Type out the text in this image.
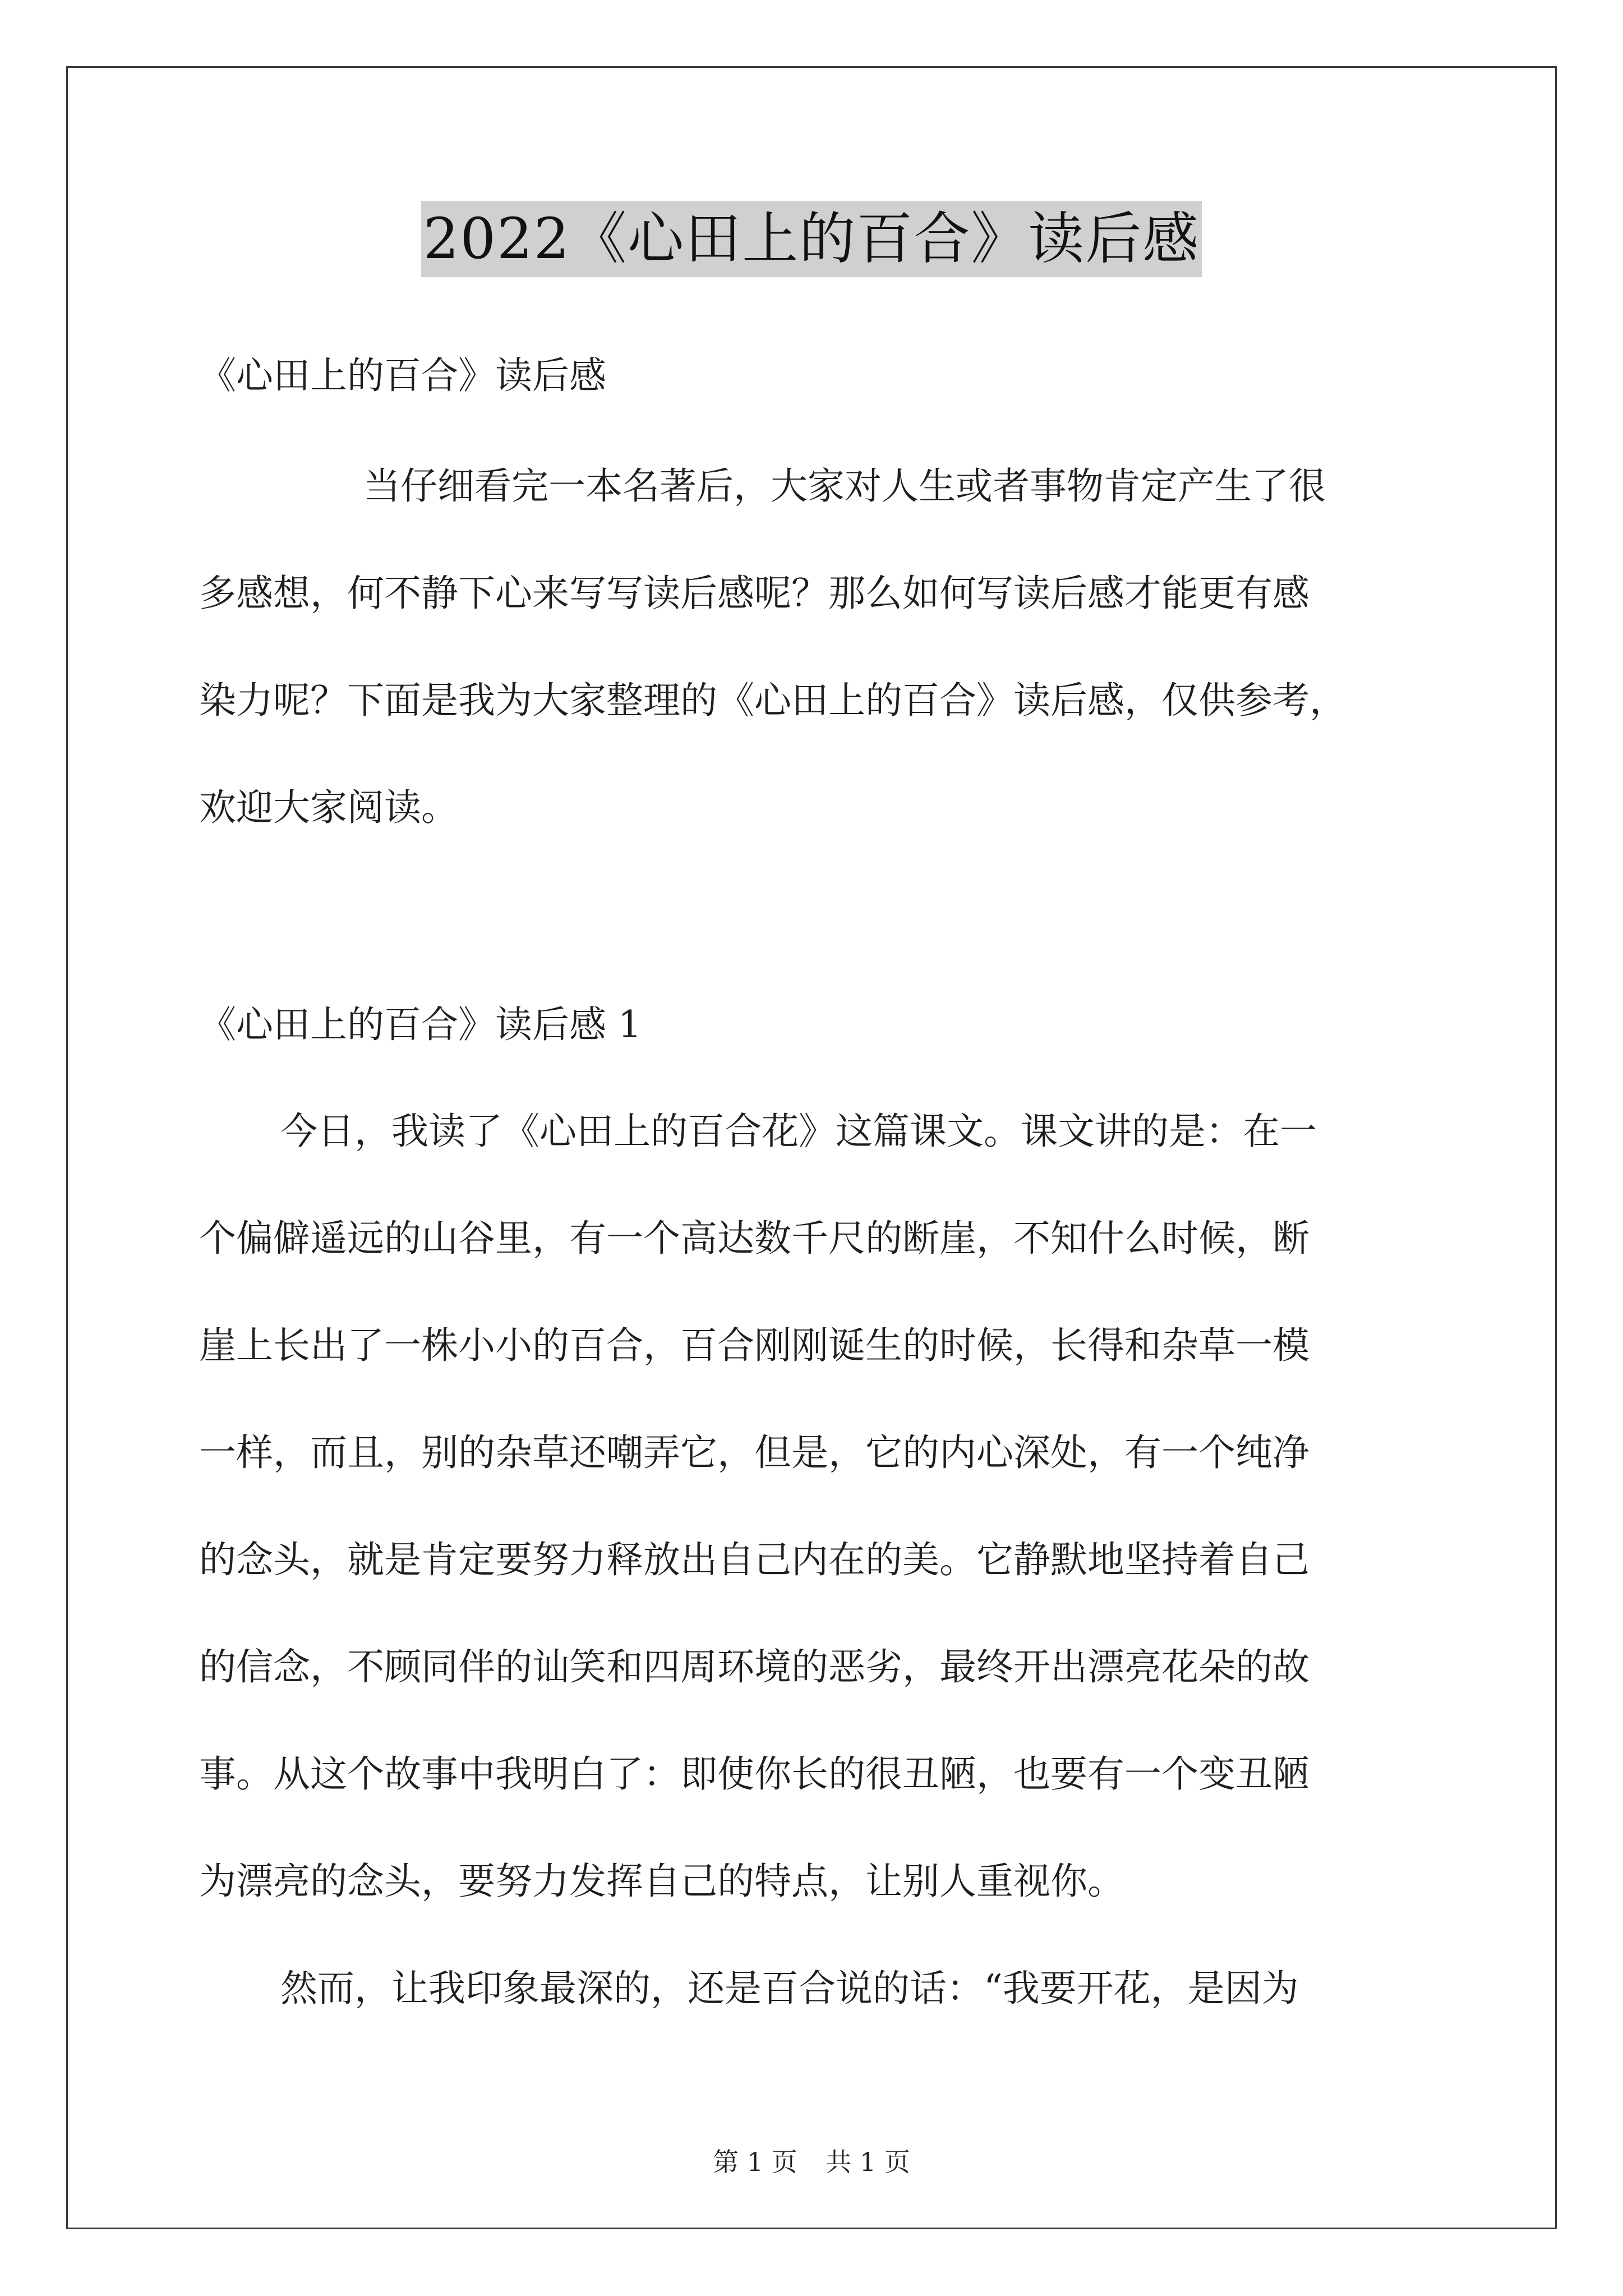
2022《心田上的百合》读后感
《心田上的百合》读后感
当仔细看完一本名著后，大家对人生或者事物肯定产生了很
多感想，何不静下心来写写读后感呢？那么如何写读后感才能更有感
染力呢？下面是我为大家整理的《心田上的百合》读后感，仅供参考，
欢迎大家阅读。
《心田上的百合》读后感 1
今日，我读了《心田上的百合花》这篇课文。课文讲的是：在一
个偏僻遥远的山谷里，有一个高达数千尺的断崖，不知什么时候，断
崖上长出了一株小小的百合，百合刚刚诞生的时候，长得和杂草一模
一样，而且，别的杂草还嘲弄它，但是，它的内心深处，有一个纯净
的念头，就是肯定要努力释放出自己内在的美。它静默地坚持着自己
的信念，不顾同伴的讪笑和四周环境的恶劣，最终开出漂亮花朵的故
事。从这个故事中我明白了：即使你长的很丑陋，也要有一个变丑陋
为漂亮的念头，要努力发挥自己的特点，让别人重视你。
然而，让我印象最深的，还是百合说的话：“我要开花，是因为
第 1 页 共 1 页
